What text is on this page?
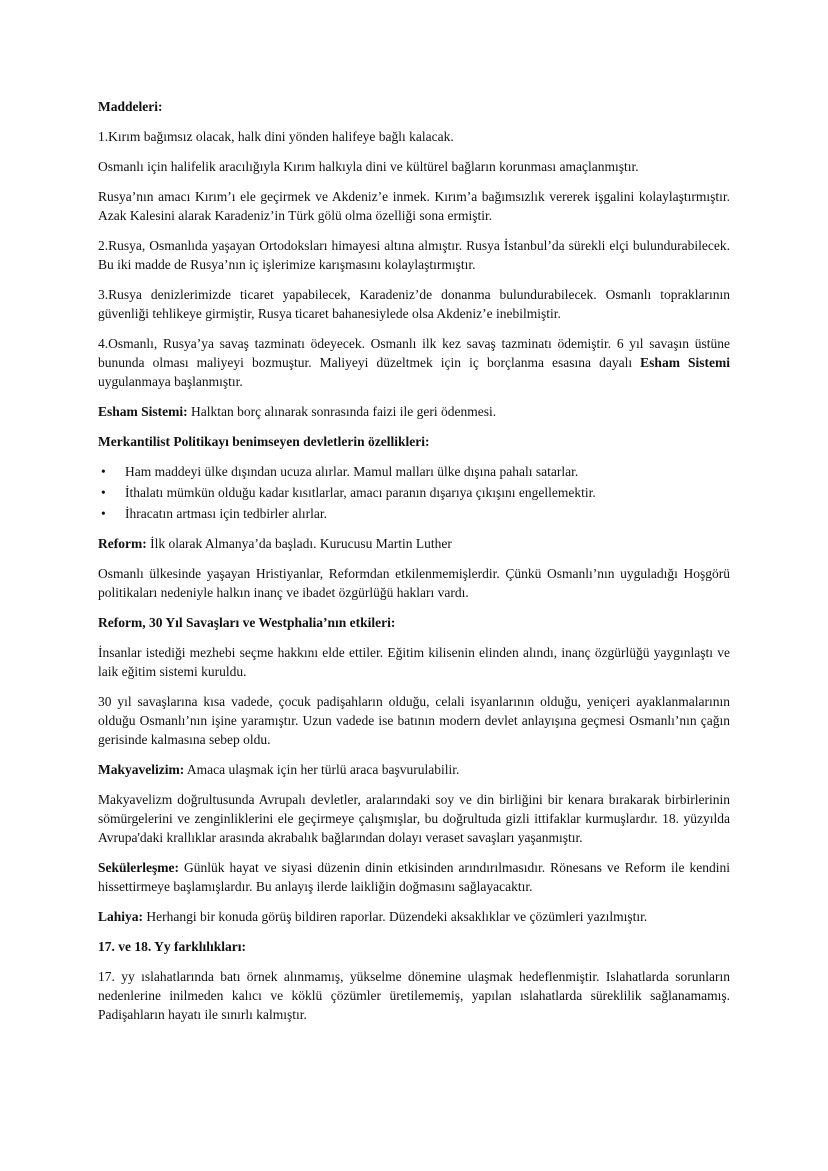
Maddeleri:

1.Kırım bağımsız olacak, halk dini yönden halifeye bağlı kalacak.

Osmanlı için halifelik aracılığıyla Kırım halkıyla dini ve kültürel bağların korunması amaçlanmıştır.

Rusya’nın amacı Kırım’ı ele geçirmek ve Akdeniz’e inmek. Kırım’a bağımsızlık vererek işgalini kolaylaştırmıştır. Azak Kalesini alarak Karadeniz’in Türk gölü olma özelliği sona ermiştir.

2.Rusya, Osmanlıda yaşayan Ortodoksları himayesi altına almıştır. Rusya İstanbul’da sürekli elçi bulundurabilecek. Bu iki madde de Rusya’nın iç işlerimize karışmasını kolaylaştırmıştır.

3.Rusya denizlerimizde ticaret yapabilecek, Karadeniz’de donanma bulundurabilecek. Osmanlı topraklarının güvenliği tehlikeye girmiştir, Rusya ticaret bahanesiylede olsa Akdeniz’e inebilmiştir.

4.Osmanlı, Rusya’ya savaş tazminatı ödeyecek. Osmanlı ilk kez savaş tazminatı ödemiştir. 6 yıl savaşın üstüne bununda olması maliyeyi bozmuştur. Maliyeyi düzeltmek için iç borçlanma esasına dayalı Esham Sistemi uygulanmaya başlanmıştır.

Esham Sistemi: Halktan borç alınarak sonrasında faizi ile geri ödenmesi.

Merkantilist Politikayı benimseyen devletlerin özellikleri:
• Ham maddeyi ülke dışından ucuza alırlar. Mamul malları ülke dışına pahalı satarlar.
• İthalatı mümkün olduğu kadar kısıtlarlar, amacı paranın dışarıya çıkışını engellemektir.
• İhracatın artması için tedbirler alırlar.

Reform: İlk olarak Almanya’da başladı. Kurucusu Martin Luther

Osmanlı ülkesinde yaşayan Hristiyanlar, Reformdan etkilenmemişlerdir. Çünkü Osmanlı’nın uyguladığı Hoşgörü politikaları nedeniyle halkın inanç ve ibadet özgürlüğü hakları vardı.

Reform, 30 Yıl Savaşları ve Westphalia’nın etkileri:

İnsanlar istediği mezhebi seçme hakkını elde ettiler. Eğitim kilisenin elinden alındı, inanç özgürlüğü yaygınlaştı ve laik eğitim sistemi kuruldu.

30 yıl savaşlarına kısa vadede, çocuk padişahların olduğu, celali isyanlarının olduğu, yeniçeri ayaklanmalarının olduğu Osmanlı’nın işine yaramıştır. Uzun vadede ise batının modern devlet anlayışına geçmesi Osmanlı’nın çağın gerisinde kalmasına sebep oldu.

Makyavelizim: Amaca ulaşmak için her türlü araca başvurulabilir.

Makyavelizm doğrultusunda Avrupalı devletler, aralarındaki soy ve din birliğini bir kenara bırakarak birbirlerinin sömürgelerini ve zenginliklerini ele geçirmeye çalışmışlar, bu doğrultuda gizli ittifaklar kurmuşlardır. 18. yüzyılda Avrupa'daki krallıklar arasında akrabalık bağlarından dolayı veraset savaşları yaşanmıştır.

Sekülerleşme: Günlük hayat ve siyasi düzenin dinin etkisinden arındırılmasıdır. Rönesans ve Reform ile kendini hissettirmeye başlamışlardır. Bu anlayış ilerde laikliğin doğmasını sağlayacaktır.

Lahiya: Herhangi bir konuda görüş bildiren raporlar. Düzendeki aksaklıklar ve çözümleri yazılmıştır.

17. ve 18. Yy farklılıkları:

17. yy ıslahatlarında batı örnek alınmamış, yükselme dönemine ulaşmak hedeflenmiştir. Islahatlarda sorunların nedenlerine inilmeden kalıcı ve köklü çözümler üretilememiş, yapılan ıslahatlarda süreklilik sağlanamamış. Padişahların hayatı ile sınırlı kalmıştır.
